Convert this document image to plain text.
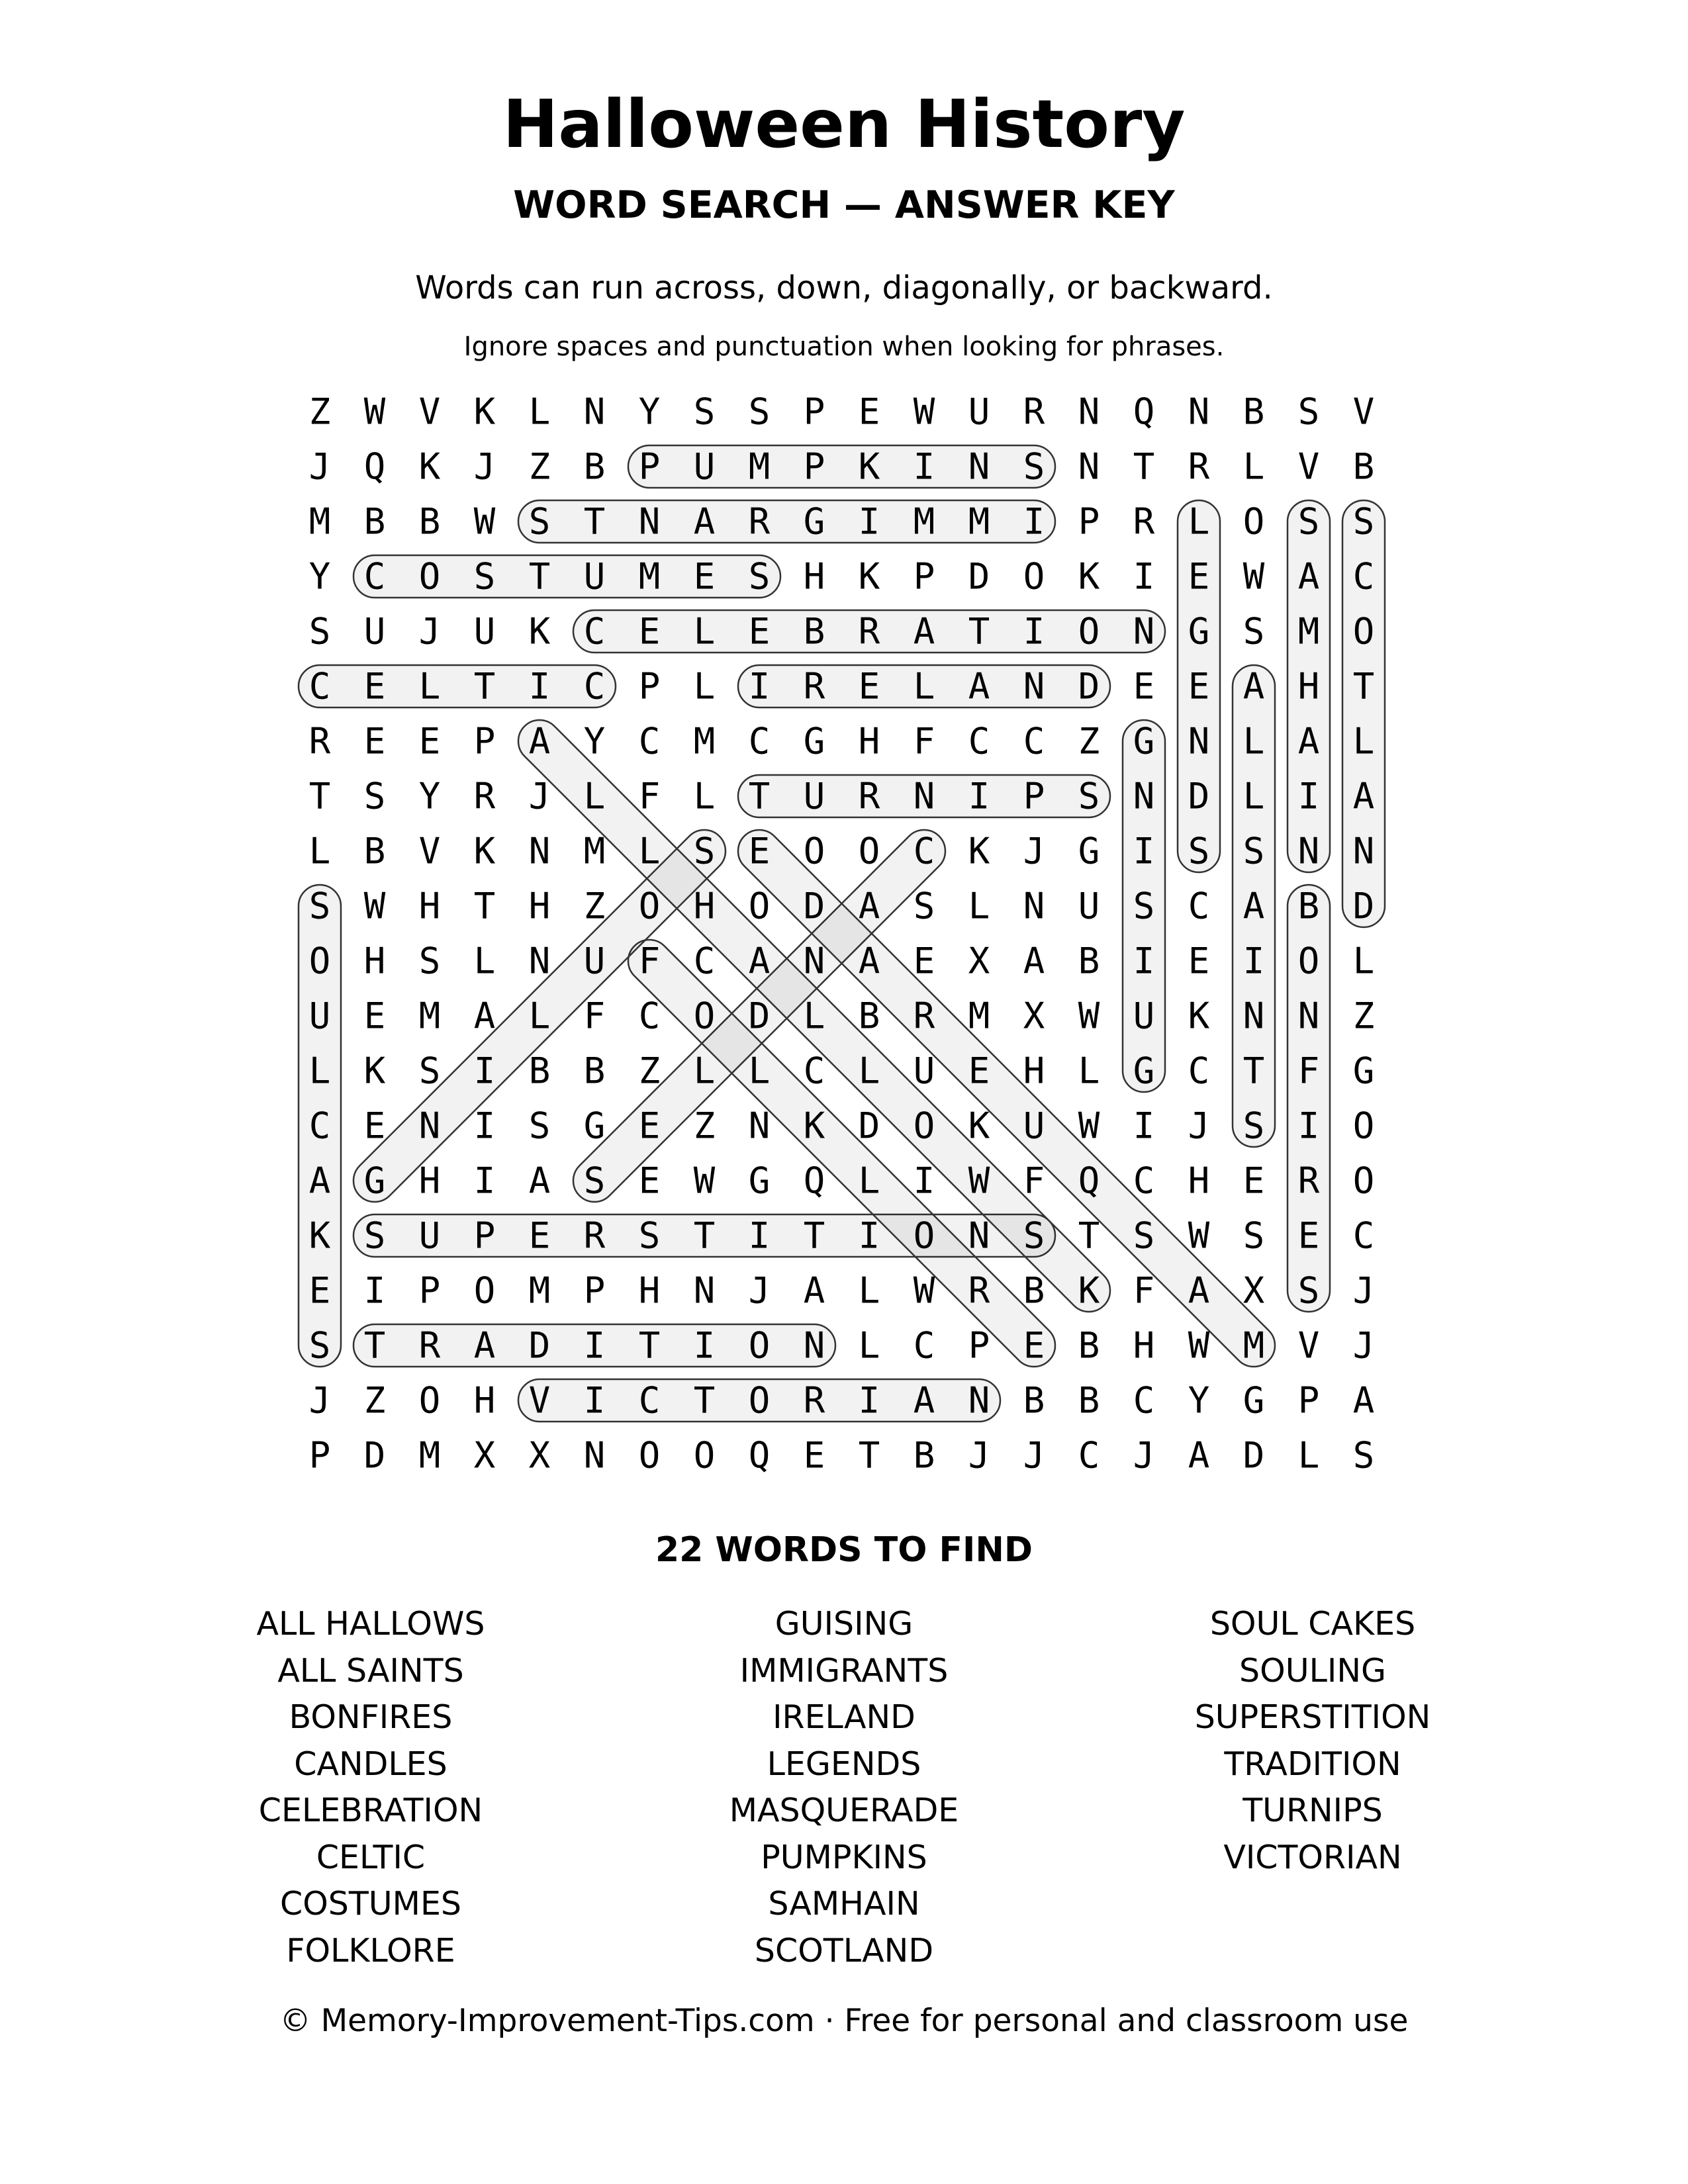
Halloween History
WORD SEARCH — ANSWER KEY
Words can run across, down, diagonally, or backward.
Ignore spaces and punctuation when looking for phrases.
Z W V K L N Y S S P E W U R N Q N B S V
J Q K J Z B P U M P K I N S N T R L V B
M B B W S T N A R G I M M I P R L O S S
Y C O S T U M E S H K P D O K I E W A C
S U J U K C E L E B R A T I O N G S M O
C E L T I C P L I R E L A N D E E A H T
R E E P A Y C M C G H F C C Z G N L A L
T S Y R J L F L T U R N I P S N D L I A
L B V K N M L S E O O C K J G I S S N N
S W H T H Z O H O D A S L N U S C A B D
O H S L N U F C A N A E X A B I E I O L
U E M A L F C O D L B R M X W U K N N Z
L K S I B B Z L L C L U E H L G C T F G
C E N I S G E Z N K D O K U W I J S I O
A G H I A S E W G Q L I W F Q C H E R O
K S U P E R S T I T I O N S T S W S E C
E I P O M P H N J A L W R B K F A X S J
S T R A D I T I O N L C P E B H W M V J
J Z O H V I C T O R I A N B B C Y G P A
P D M X X N O O Q E T B J J C J A D L S
22 WORDS TO FIND
ALL HALLOWS
ALL SAINTS
BONFIRES
CANDLES
CELEBRATION
CELTIC
COSTUMES
FOLKLORE
GUISING
IMMIGRANTS
IRELAND
LEGENDS
MASQUERADE
PUMPKINS
SAMHAIN
SCOTLAND
SOUL CAKES
SOULING
SUPERSTITION
TRADITION
TURNIPS
VICTORIAN
© Memory-Improvement-Tips.com · Free for personal and classroom use
